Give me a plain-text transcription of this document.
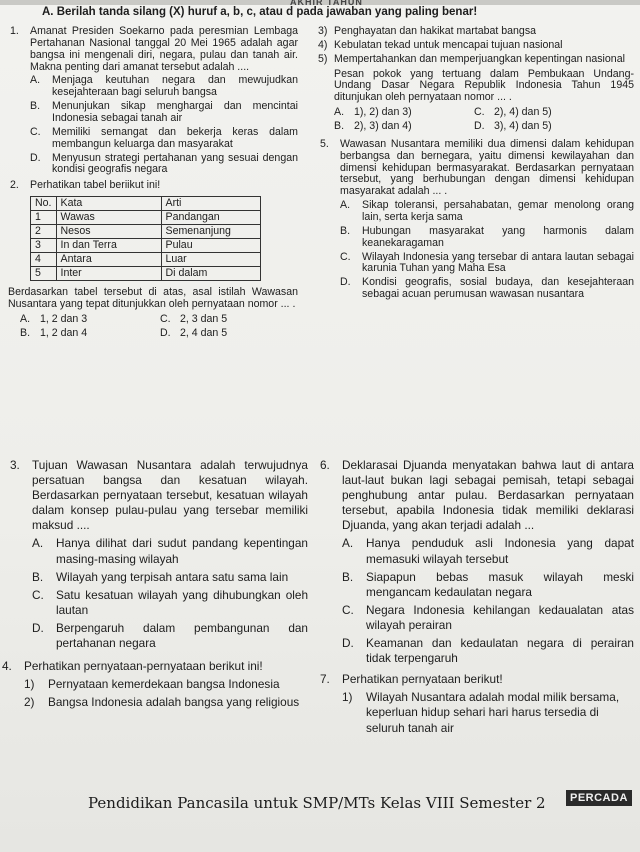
AKHIR TAHUN
A. Berilah tanda silang (X) huruf a, b, c, atau d pada jawaban yang paling benar!
1. Amanat Presiden Soekarno pada peresmian Lembaga Pertahanan Nasional tanggal 20 Mei 1965 adalah agar bangsa ini mengenali diri, negara, pulau dan tanah air. Makna penting dari amanat tersebut adalah ....
A. Menjaga keutuhan negara dan mewujudkan kesejahteraan bagi seluruh bangsa
B. Menunjukan sikap menghargai dan mencintai Indonesia sebagai tanah air
C. Memiliki semangat dan bekerja keras dalam membangun keluarga dan masyarakat
D. Menyusun strategi pertahanan yang sesuai dengan kondisi geografis negara
2. Perhatikan tabel beriikut ini!
No.	Kata	Arti
1	Wawas	Pandangan
2	Nesos	Semenanjung
3	In dan Terra	Pulau
4	Antara	Luar
5	Inter	Di dalam
Berdasarkan tabel tersebut di atas, asal istilah Wawasan Nusantara yang tepat ditunjukkan oleh pernyataan nomor ... .
A. 1, 2 dan 3	C. 2, 3 dan 5
B. 1, 2 dan 4	D. 2, 4 dan 5
3) Penghayatan dan hakikat martabat bangsa
4) Kebulatan tekad untuk mencapai tujuan nasional
5) Mempertahankan dan memperjuangkan kepentingan nasional
Pesan pokok yang tertuang dalam Pembukaan Undang-Undang Dasar Negara Republik Indonesia Tahun 1945 ditunjukan oleh pernyataan nomor ... .
A. 1), 2) dan 3)	C. 2), 4) dan 5)
B. 2), 3) dan 4)	D. 3), 4) dan 5)
5. Wawasan Nusantara memiliki dua dimensi dalam kehidupan berbangsa dan bernegara, yaitu dimensi kewilayahan dan dimensi kehidupan bermasyarakat. Berdasarkan pernyataan tersebut, yang berhubungan dengan dimensi kehidupan masyarakat adalah ... .
A. Sikap toleransi, persahabatan, gemar menolong orang lain, serta kerja sama
B. Hubungan masyarakat yang harmonis dalam keanekaragaman
C. Wilayah Indonesia yang tersebar di antara lautan sebagai karunia Tuhan yang Maha Esa
D. Kondisi geografis, sosial budaya, dan kesejahteraan sebagai acuan perumusan wawasan nusantara
3. Tujuan Wawasan Nusantara adalah terwujudnya persatuan bangsa dan kesatuan wilayah. Berdasarkan pernyataan tersebut, kesatuan wilayah dalam konsep pulau-pulau yang tersebar memiliki maksud ....
A. Hanya dilihat dari sudut pandang kepentingan masing-masing wilayah
B. Wilayah yang terpisah antara satu sama lain
C. Satu kesatuan wilayah yang dihubungkan oleh lautan
D. Berpengaruh dalam pembangunan dan pertahanan negara
4. Perhatikan pernyataan-pernyataan berikut ini!
1) Pernyataan kemerdekaan bangsa Indonesia
2) Bangsa Indonesia adalah bangsa yang religious
6. Deklarasai Djuanda menyatakan bahwa laut di antara laut-laut bukan lagi sebagai pemisah, tetapi sebagai penghubung antar pulau. Berdasarkan pernyataan tersebut, apabila Indonesia tidak memiliki deklarasi Djuanda, yang akan terjadi adalah ...
A. Hanya penduduk asli Indonesia yang dapat memasuki wilayah tersebut
B. Siapapun bebas masuk wilayah meski mengancam kedaulatan negara
C. Negara Indonesia kehilangan kedaualatan atas wilayah perairan
D. Keamanan dan kedaulatan negara di perairan tidak terpengaruh
7. Perhatikan pernyataan berikut!
1) Wilayah Nusantara adalah modal milik bersama, keperluan hidup sehari hari harus tersedia di seluruh tanah air
Pendidikan Pancasila untuk SMP/MTs Kelas VIII Semester 2	PERCADA
